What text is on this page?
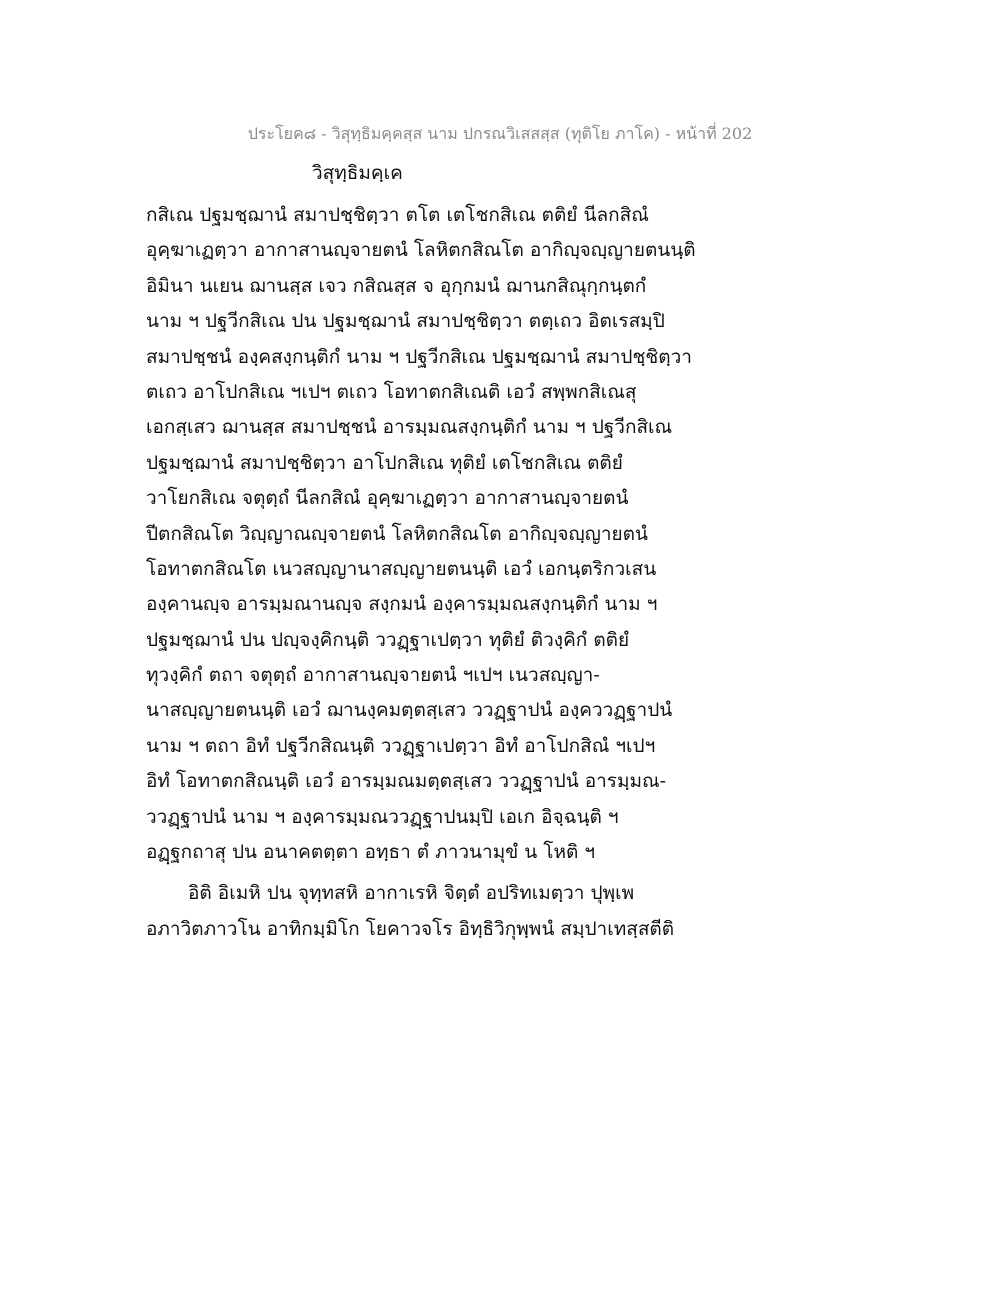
ประโยค๘ - วิสุทฺธิมคฺคสฺส นาม ปกรณวิเสสสฺส (ทุติโย ภาโค) - หน้าที่ 202
วิสุทฺธิมคฺเค
กสิเณ ปฐมชฺฌานํ สมาปชฺชิตฺวา ตโต เตโชกสิเณ ตติยํ นีลกสิณํ
อุคฺฆาเฏตฺวา อากาสานญฺจายตนํ โลหิตกสิณโต อากิญฺจญฺญายตนนฺติ
อิมินา นเยน ฌานสฺส เจว กสิณสฺส จ อุกฺกมนํ ฌานกสิณุกฺกนฺตกํ
นาม ฯ ปฐวีกสิเณ ปน ปฐมชฺฌานํ สมาปชฺชิตฺวา ตตฺเถว อิตเรสมฺปิ
สมาปชฺชนํ องฺคสงฺกนฺติกํ นาม ฯ ปฐวีกสิเณ ปฐมชฺฌานํ สมาปชฺชิตฺวา
ตเถว อาโปกสิเณ ฯเปฯ ตเถว โอทาตกสิเณติ เอวํ สพฺพกสิเณสุ
เอกสฺเสว ฌานสฺส สมาปชฺชนํ อารมฺมณสงฺกนฺติกํ นาม ฯ ปฐวีกสิเณ
ปฐมชฺฌานํ สมาปชฺชิตฺวา อาโปกสิเณ ทุติยํ เตโชกสิเณ ตติยํ
วาโยกสิเณ จตุตฺถํ นีลกสิณํ อุคฺฆาเฏตฺวา อากาสานญฺจายตนํ
ปีตกสิณโต วิญฺญาณญฺจายตนํ โลหิตกสิณโต อากิญฺจญฺญายตนํ
โอทาตกสิณโต เนวสญฺญานาสญฺญายตนนฺติ เอวํ เอกนฺตริกวเสน
องฺคานญฺจ อารมฺมณานญฺจ สงฺกมนํ องฺคารมฺมณสงฺกนฺติกํ นาม ฯ
ปฐมชฺฌานํ ปน ปญฺจงฺคิกนฺติ ววฏฺฐาเปตฺวา ทุติยํ ติวงฺคิกํ ตติยํ
ทุวงฺคิกํ ตถา จตุตฺถํ อากาสานญฺจายตนํ ฯเปฯ เนวสญฺญา-
นาสญฺญายตนนฺติ เอวํ ฌานงฺคมตฺตสฺเสว ววฏฺฐาปนํ องฺคววฏฺฐาปนํ
นาม ฯ ตถา อิทํ ปฐวีกสิณนฺติ ววฏฺฐาเปตฺวา อิทํ อาโปกสิณํ ฯเปฯ
อิทํ โอทาตกสิณนฺติ เอวํ อารมฺมณมตฺตสฺเสว ววฏฺฐาปนํ อารมฺมณ-
ววฏฺฐาปนํ นาม ฯ องฺคารมฺมณววฏฺฐาปนมฺปิ เอเก อิจฺฉนฺติ ฯ
อฏฺฐกถาสุ ปน อนาคตตฺตา อทฺธา ตํ ภาวนามุขํ น โหติ ฯ
อิติ อิเมหิ ปน จุทฺทสหิ อากาเรหิ จิตฺตํ อปริทเมตฺวา ปุพฺเพ
อภาวิตภาวโน อาทิกมฺมิโก โยคาวจโร อิทฺธิวิกุพฺพนํ สมฺปาเทสฺสตีติ
